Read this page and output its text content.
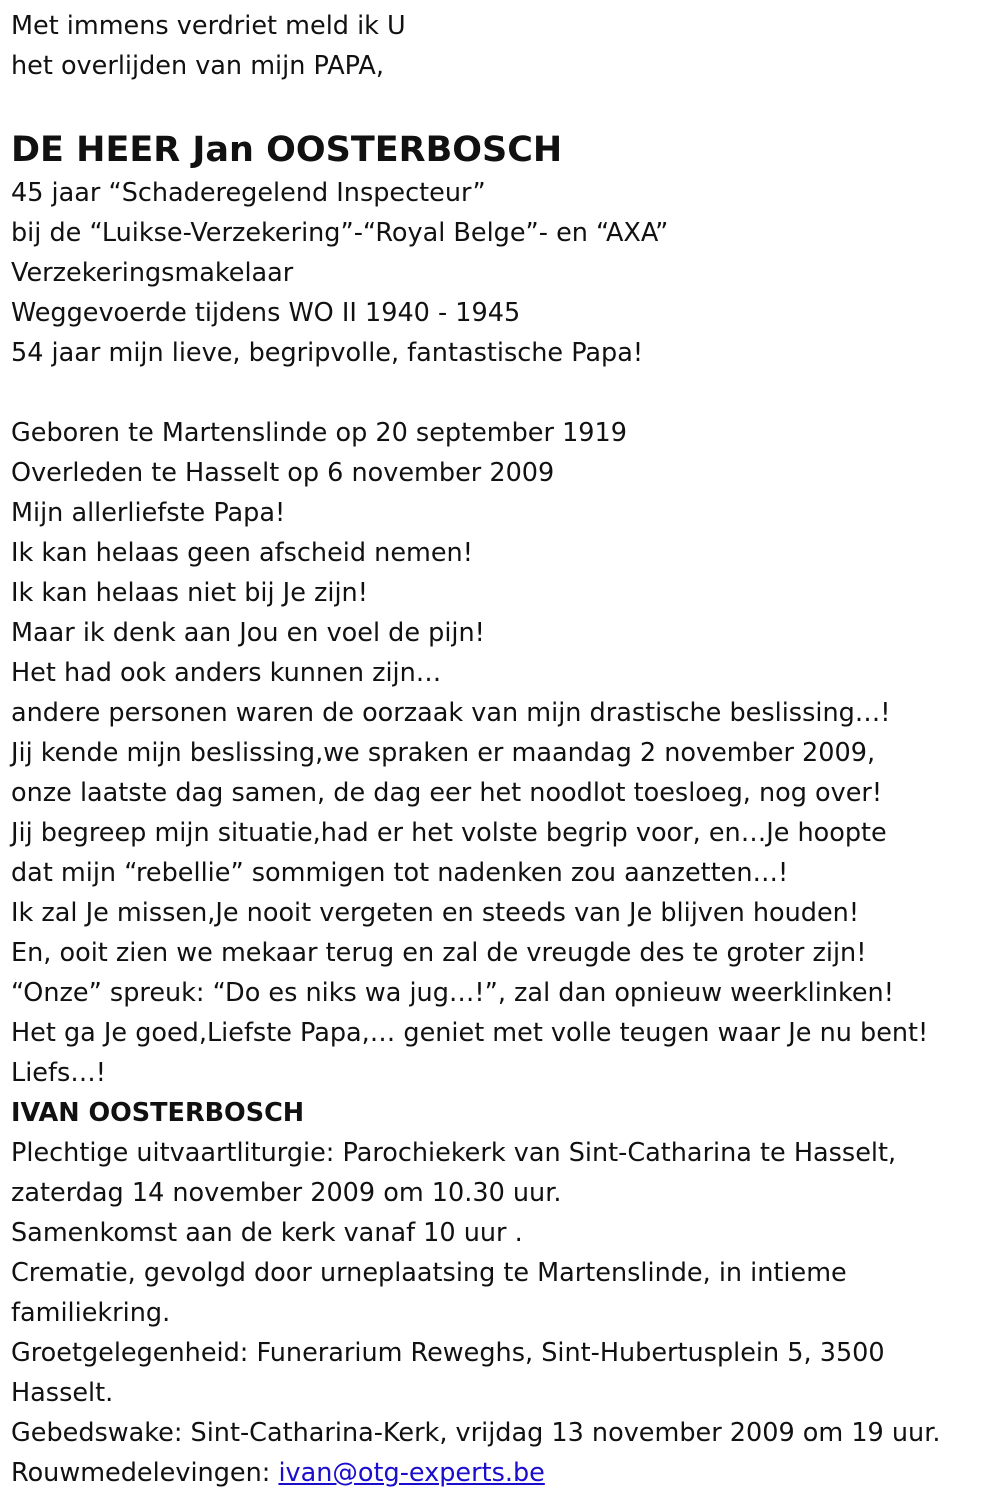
Met immens verdriet meld ik U
het overlijden van mijn PAPA,
DE HEER Jan OOSTERBOSCH
45 jaar “Schaderegelend Inspecteur”
bij de “Luikse-Verzekering”-“Royal Belge”- en “AXA”
Verzekeringsmakelaar
Weggevoerde tijdens WO II 1940 - 1945
54 jaar mijn lieve, begripvolle, fantastische Papa!
Geboren te Martenslinde op 20 september 1919
Overleden te Hasselt op 6 november 2009
Mijn allerliefste Papa!
Ik kan helaas geen afscheid nemen!
Ik kan helaas niet bij Je zijn!
Maar ik denk aan Jou en voel de pijn!
Het had ook anders kunnen zijn…
andere personen waren de oorzaak van mijn drastische beslissing…!
Jij kende mijn beslissing,we spraken er maandag 2 november 2009,
onze laatste dag samen, de dag eer het noodlot toesloeg, nog over!
Jij begreep mijn situatie,had er het volste begrip voor, en…Je hoopte
dat mijn “rebellie” sommigen tot nadenken zou aanzetten…!
Ik zal Je missen,Je nooit vergeten en steeds van Je blijven houden!
En, ooit zien we mekaar terug en zal de vreugde des te groter zijn!
“Onze” spreuk: “Do es niks wa jug…!”, zal dan opnieuw weerklinken!
Het ga Je goed,Liefste Papa,… geniet met volle teugen waar Je nu bent!
Liefs…!
IVAN OOSTERBOSCH
Plechtige uitvaartliturgie: Parochiekerk van Sint-Catharina te Hasselt,
zaterdag 14 november 2009 om 10.30 uur.
Samenkomst aan de kerk vanaf 10 uur .
Crematie, gevolgd door urneplaatsing te Martenslinde, in intieme
familiekring.
Groetgelegenheid: Funerarium Reweghs, Sint-Hubertusplein 5, 3500
Hasselt.
Gebedswake: Sint-Catharina-Kerk, vrijdag 13 november 2009 om 19 uur.
Rouwmedelevingen: ivan@otg-experts.be
